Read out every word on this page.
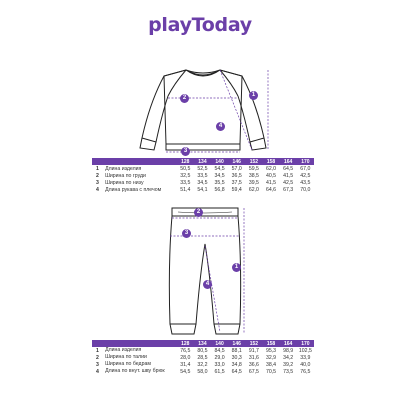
playToday
1
2
3
4
		128	134	140	146	152	158	164	170
1	Длина изделия	50,5	52,5	54,5	57,0	59,5	62,0	64,5	67,0
2	Ширина по груди	32,5	33,5	34,5	36,5	38,5	40,5	41,5	42,5
3	Ширина по низу	33,5	34,5	35,5	37,5	39,5	41,5	42,5	43,5
4	Длина рукава с плечом	51,4	54,1	56,8	59,4	62,0	64,6	67,3	70,0
1
2
3
4
		128	134	140	146	152	158	164	170
1	Длина изделия	76,5	80,5	84,5	88,1	91,7	95,3	98,9	102,5
2	Ширина по талии	28,0	28,5	29,0	30,3	31,6	32,9	34,2	33,9
3	Ширина по бедрам	31,4	32,2	33,0	34,8	36,6	38,4	39,2	40,0
4	Длина по внут. шву брюк	54,5	58,0	61,5	64,5	67,5	70,5	73,5	76,5
